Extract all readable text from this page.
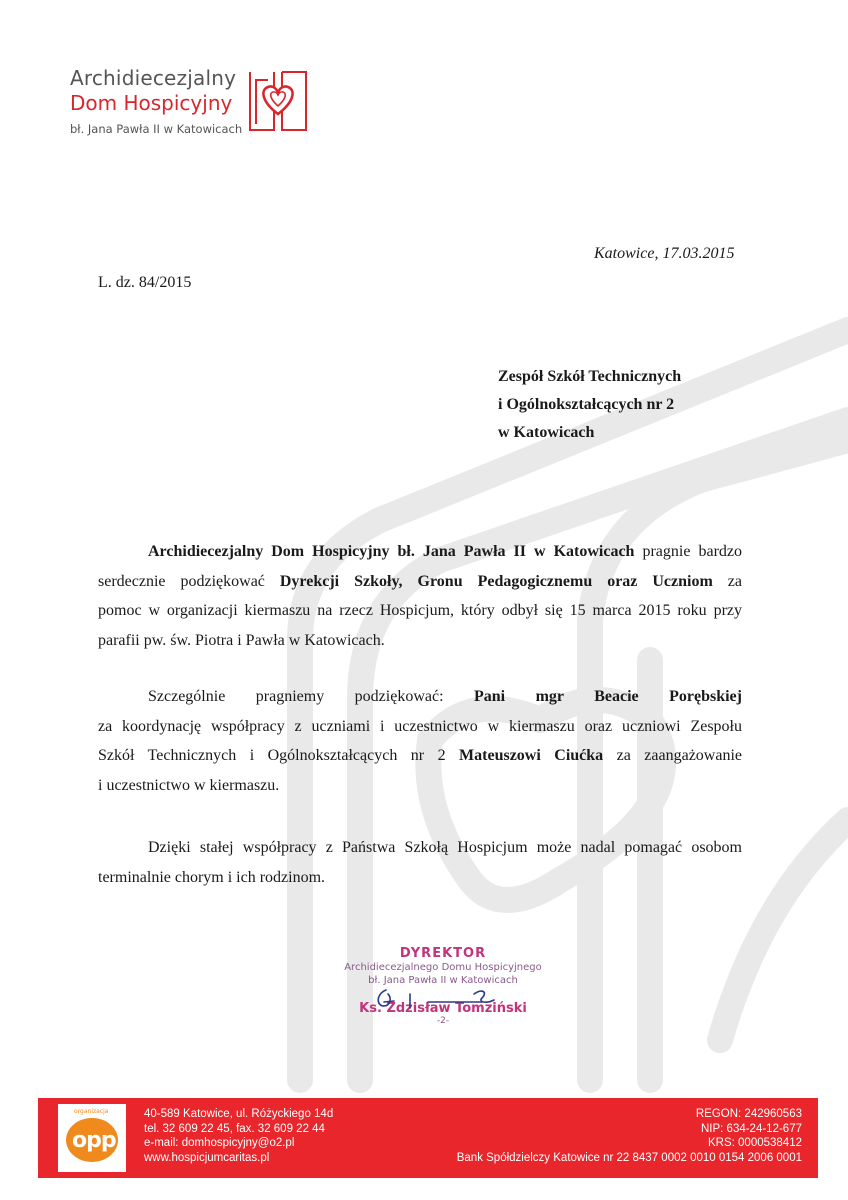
Archidiecezjalny
Dom Hospicyjny
bł. Jana Pawła II w Katowicach
Katowice, 17.03.2015
L. dz. 84/2015
Zespół Szkół Technicznych
i Ogólnokształcących nr 2
w Katowicach
Archidiecezjalny Dom Hospicyjny bł. Jana Pawła II w Katowicach pragnie bardzo
serdecznie podziękować Dyrekcji Szkoły, Gronu Pedagogicznemu oraz Uczniom za
pomoc w organizacji kiermaszu na rzecz Hospicjum, który odbył się 15 marca 2015 roku przy
parafii pw. św. Piotra i Pawła w Katowicach.
Szczególnie pragniemy podziękować: Pani mgr Beacie Porębskiej
za koordynację współpracy z uczniami i uczestnictwo w kiermaszu oraz uczniowi Zespołu
Szkół Technicznych i Ogólnokształcących nr 2 Mateuszowi Ciućka za zaangażowanie
i uczestnictwo w kiermaszu.
Dzięki stałej współpracy z Państwa Szkołą Hospicjum może nadal pomagać osobom
terminalnie chorym i ich rodzinom.
DYREKTOR
Archidiecezjalnego Domu Hospicyjnego
bł. Jana Pawła II w Katowicach
Ks. Zdzisław Tomziński
-2-
organizacja
opp
40-589 Katowice, ul. Różyckiego 14d
tel. 32 609 22 45, fax. 32 609 22 44
e-mail: domhospicyjny@o2.pl
www.hospicjumcaritas.pl
REGON: 242960563
NIP: 634-24-12-677
KRS: 0000538412
Bank Spółdzielczy Katowice nr 22 8437 0002 0010 0154 2006 0001
